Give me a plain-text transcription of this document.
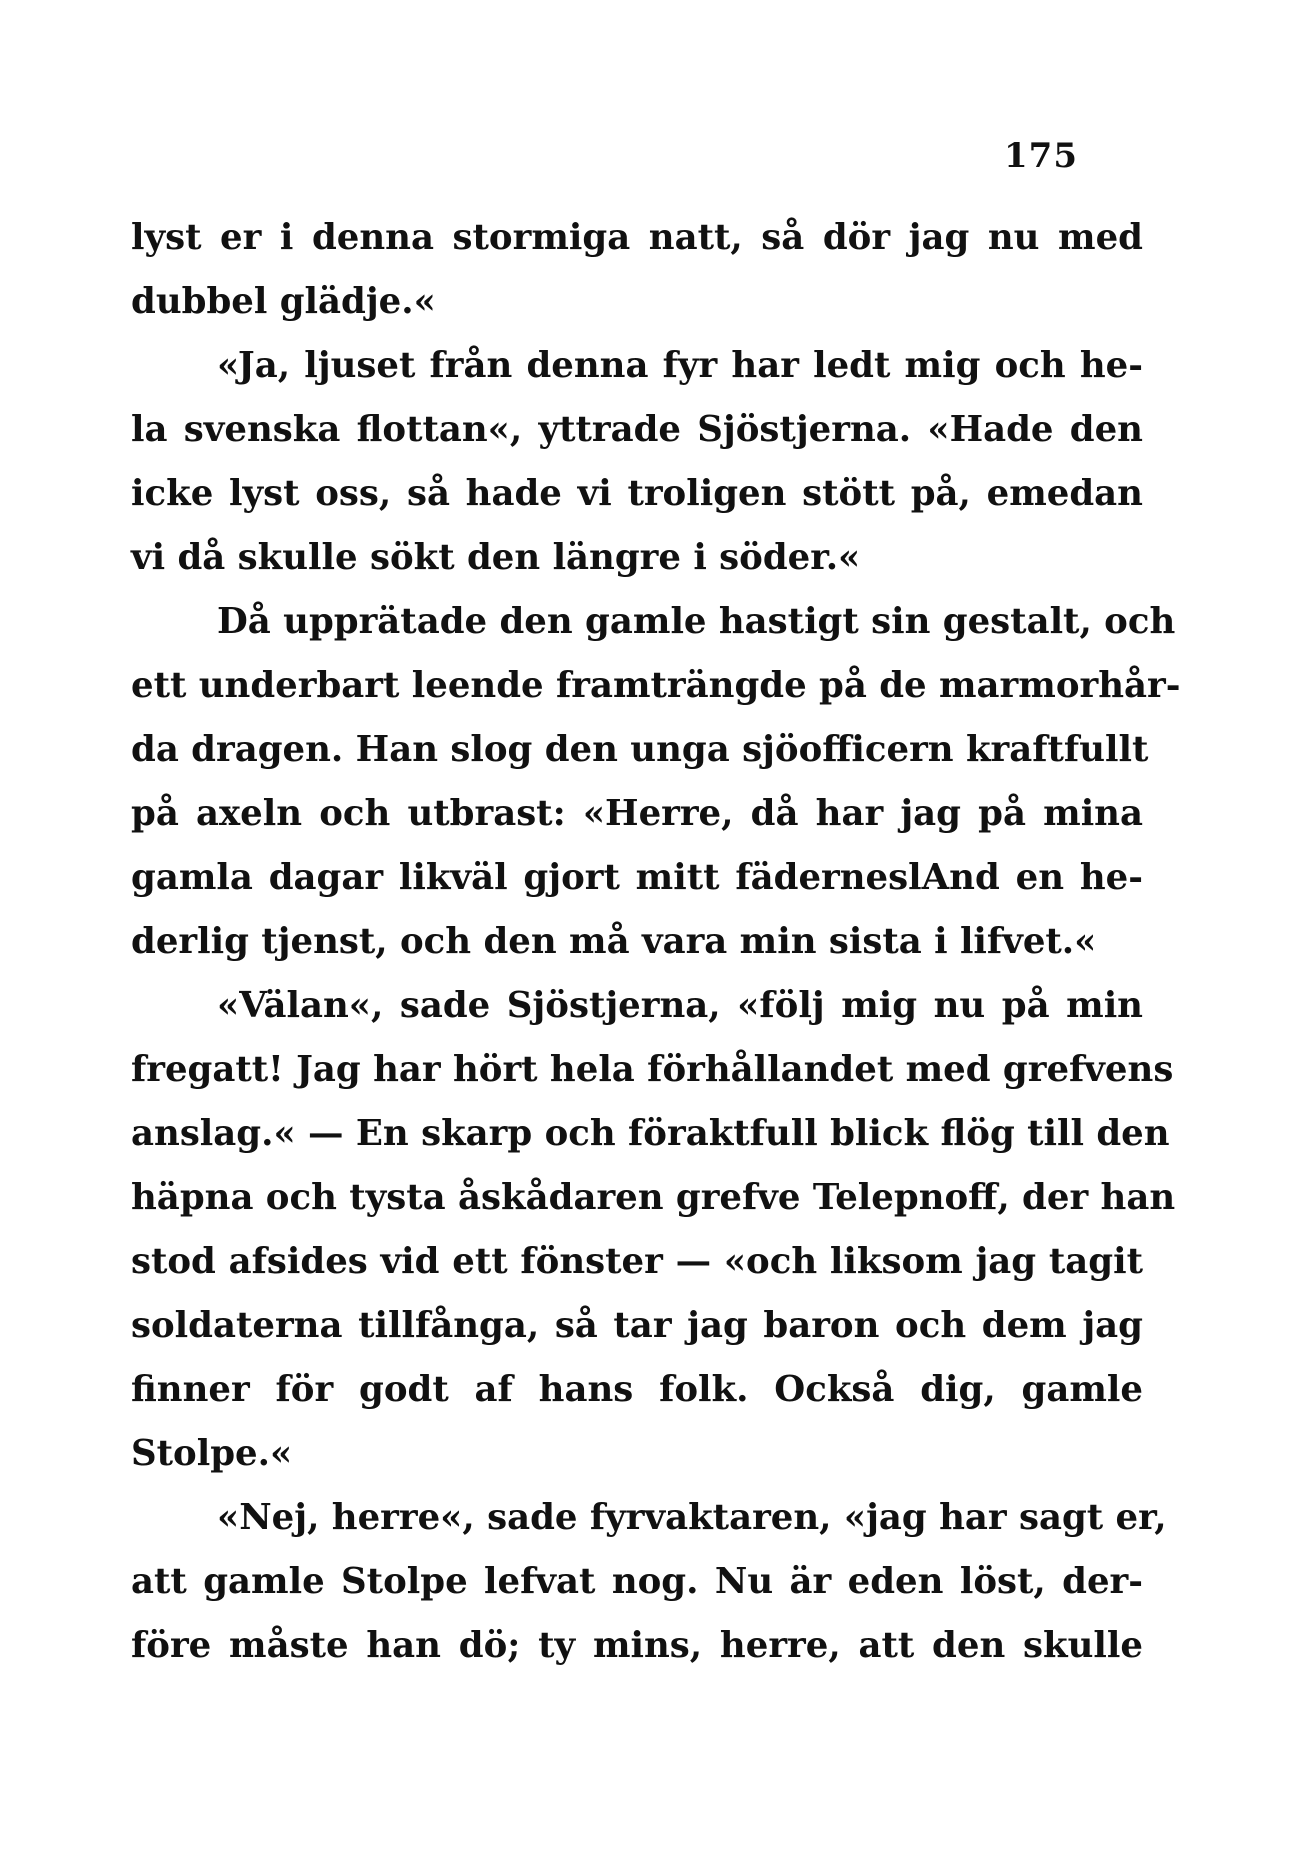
175
lyst er i denna stormiga natt, så dör jag nu med
dubbel glädje.«
«Ja, ljuset från denna fyr har ledt mig och he-
la svenska flottan«, yttrade Sjöstjerna. «Hade den
icke lyst oss, så hade vi troligen stött på, emedan
vi då skulle sökt den längre i söder.«
Då upprätade den gamle hastigt sin gestalt, och
ett underbart leende framträngde på de marmorhår-
da dragen. Han slog den unga sjöofficern kraftfullt
på axeln och utbrast: «Herre, då har jag på mina
gamla dagar likväl gjort mitt fäderneslAnd en he-
derlig tjenst, och den må vara min sista i lifvet.«
«Välan«, sade Sjöstjerna, «följ mig nu på min
fregatt! Jag har hört hela förhållandet med grefvens
anslag.« — En skarp och föraktfull blick flög till den
häpna och tysta åskådaren grefve Telepnoff, der han
stod afsides vid ett fönster — «och liksom jag tagit
soldaterna tillfånga, så tar jag baron och dem jag
finner för godt af hans folk. Också dig, gamle
Stolpe.«
«Nej, herre«, sade fyrvaktaren, «jag har sagt er,
att gamle Stolpe lefvat nog. Nu är eden löst, der-
före måste han dö; ty mins, herre, att den skulle
